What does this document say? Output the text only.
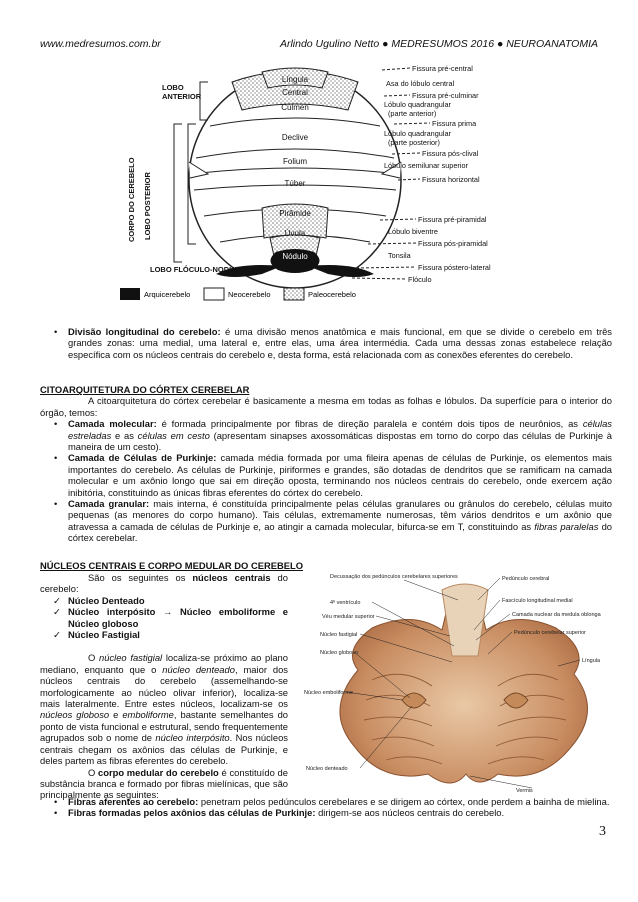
www.medresumos.com.br	Arlindo Ugulino Netto ● MEDRESUMOS 2016 ● NEUROANATOMIA
Língula
Central
Cúlmen
Declive
Folium
Túber
Pirâmide
Úvula
Nódulo
LOBO
ANTERIOR
CORPO DO CEREBELO LOBO POSTERIOR
LOBO FLÓCULO-NODULAR
Fissura pré-central
Asa do lóbulo central
Fissura pré-culminar
Lóbulo quadrangular
(parte anterior)
Fissura prima
Lóbulo quadrangular
(parte posterior)
Fissura pós-clival
Lóbulo semilunar superior
Fissura horizontal
Fissura pré-piramidal
Lóbulo biventre
Fissura pós-piramidal
Tonsila
Fissura póstero-lateral
Flóculo
Arquicerebelo	Neocerebelo	Paleocerebelo
• Divisão longitudinal do cerebelo: é uma divisão menos anatômica e mais funcional, em que se divide o cerebelo em três grandes zonas: uma medial, uma lateral e, entre elas, uma área intermédia. Cada uma dessas zonas estabelece relação específica com os núcleos centrais do cerebelo e, desta forma, está relacionada com as conexões eferentes do cerebelo.
CITOARQUITETURA DO CÓRTEX CEREBELAR
A citoarquitetura do córtex cerebelar é basicamente a mesma em todas as folhas e lóbulos. Da superfície para o interior do órgão, temos:
• Camada molecular: é formada principalmente por fibras de direção paralela e contém dois tipos de neurônios, as células estreladas e as células em cesto (apresentam sinapses axossomáticas dispostas em torno do corpo das células de Purkinje à maneira de um cesto).
• Camada de Células de Purkinje: camada média formada por uma fileira apenas de células de Purkinje, os elementos mais importantes do cerebelo. As células de Purkinje, piriformes e grandes, são dotadas de dendritos que se ramificam na camada molecular e um axônio longo que sai em direção oposta, terminando nos núcleos centrais do cerebelo, onde exercem ação inibitória, constituindo as únicas fibras eferentes do córtex do cerebelo.
• Camada granular: mais interna, é constituída principalmente pelas células granulares ou grânulos do cerebelo, células muito pequenas (as menores do corpo humano). Tais células, extremamente numerosas, têm vários dendritos e um axônio que atravessa a camada de células de Purkinje e, ao atingir a camada molecular, bifurca-se em T, constituindo as fibras paralelas do córtex cerebelar.
NÚCLEOS CENTRAIS E CORPO MEDULAR DO CEREBELO
São os seguintes os núcleos centrais do cerebelo:
✓ Núcleo Denteado
✓ Núcleo interpósito → Núcleo emboliforme e Núcleo globoso
✓ Núcleo Fastigial
O núcleo fastigial localiza-se próximo ao plano mediano, enquanto que o núcleo denteado, maior dos núcleos centrais do cerebelo (assemelhando-se morfologicamente ao núcleo olivar inferior), localiza-se mais lateralmente. Entre estes núcleos, localizam-se os núcleos globoso e emboliforme, bastante semelhantes do ponto de vista funcional e estrutural, sendo frequentemente agrupados sob o nome de núcleo interpósito. Nos núcleos centrais chegam os axônios das células de Purkinje, e deles partem as fibras eferentes do cerebelo.
O corpo medular do cerebelo é constituído de substância branca e formado por fibras mielínicas, que são principalmente as seguintes:
Decussação dos pedúnculos cerebelares superiores	Pedúnculo cerebral
4º ventrículo	Fascículo longitudinal medial
Véu medular superior	Camada nuclear da medula oblonga
Núcleo fastigial	Pedúnculo cerebelar superior
Núcleo globoso
Língula
Núcleo emboliforme
Núcleo denteado
Vermis
• Fibras aferentes ao cerebelo: penetram pelos pedúnculos cerebelares e se dirigem ao córtex, onde perdem a bainha de mielina.
• Fibras formadas pelos axônios das células de Purkinje: dirigem-se aos núcleos centrais do cerebelo.
3
